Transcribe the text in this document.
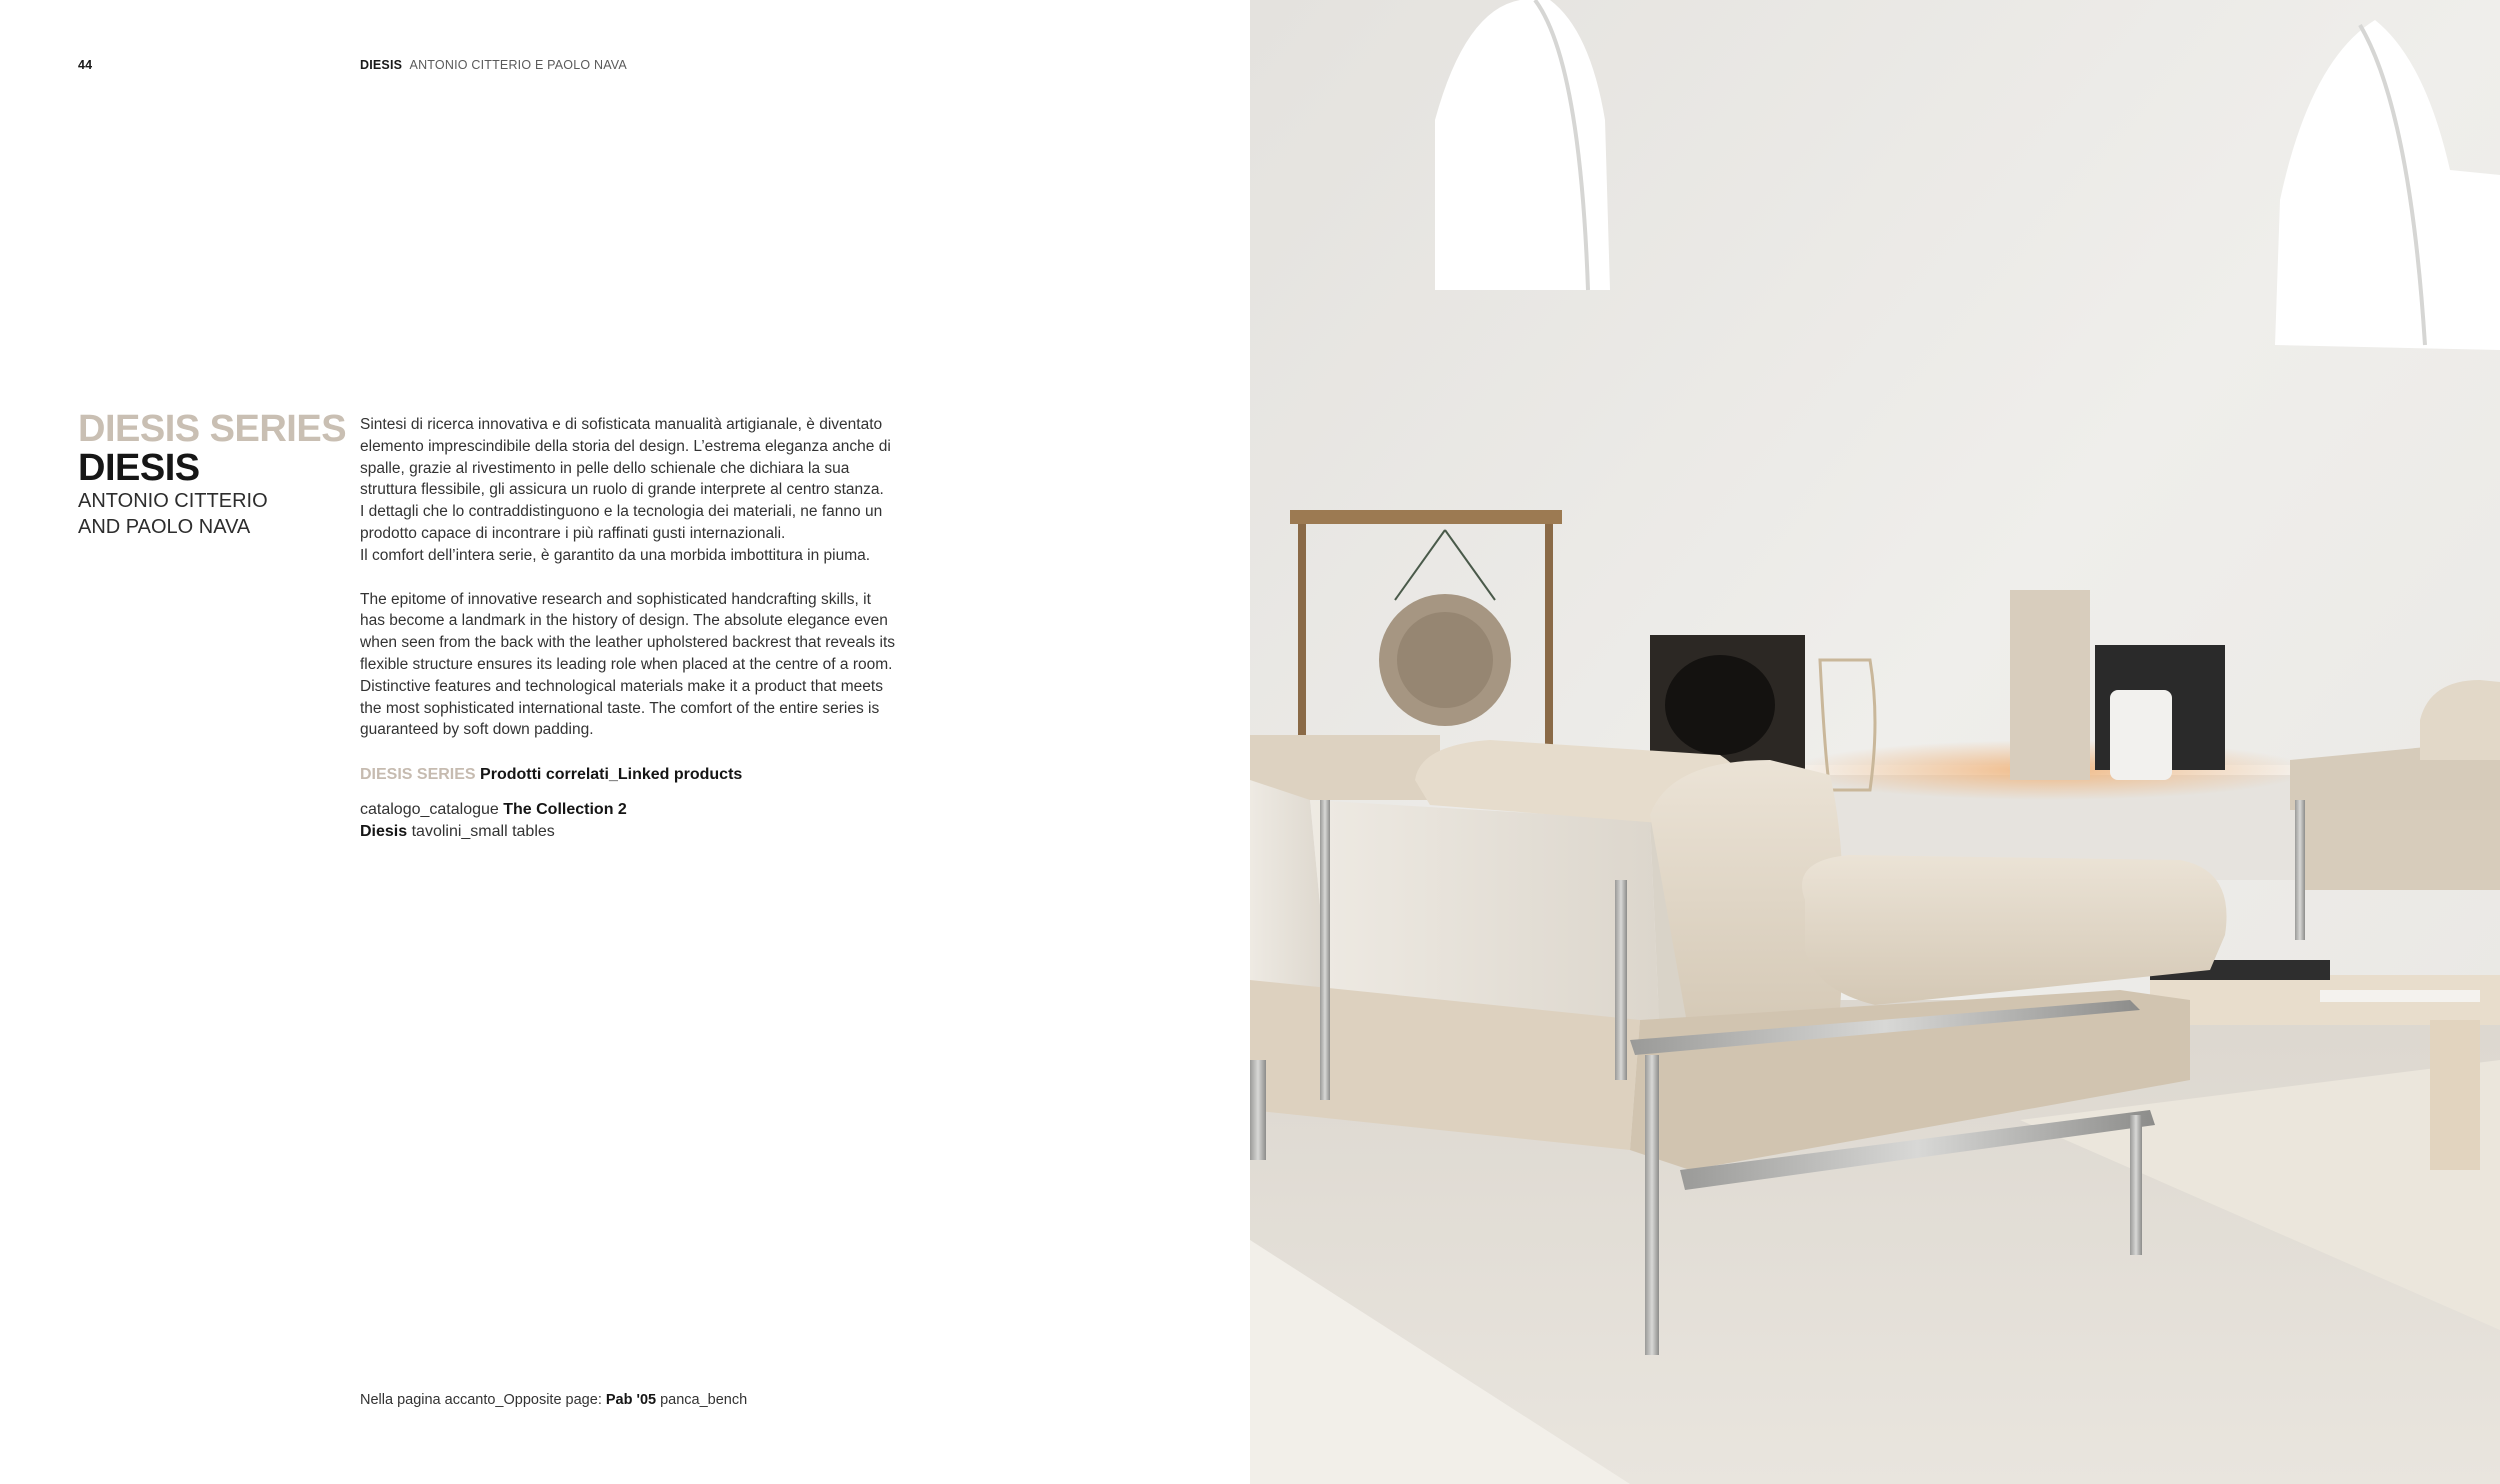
44	DIESIS ANTONIO CITTERIO E PAOLO NAVA

DIESIS SERIES
DIESIS
ANTONIO CITTERIO
AND PAOLO NAVA

Sintesi di ricerca innovativa e di sofisticata manualità artigianale, è diventato elemento imprescindibile della storia del design. L’estrema eleganza anche di spalle, grazie al rivestimento in pelle dello schienale che dichiara la sua struttura flessibile, gli assicura un ruolo di grande interprete al centro stanza.

I dettagli che lo contraddistinguono e la tecnologia dei materiali, ne fanno un prodotto capace di incontrare i più raffinati gusti internazionali.

Il comfort dell’intera serie, è garantito da una morbida imbottitura in piuma.

The epitome of innovative research and sophisticated handcrafting skills, it has become a landmark in the history of design. The absolute elegance even when seen from the back with the leather upholstered backrest that reveals its flexible structure ensures its leading role when placed at the centre of a room.

Distinctive features and technological materials make it a product that meets the most sophisticated international taste. The comfort of the entire series is guaranteed by soft down padding.

DIESIS SERIES Prodotti correlati_Linked products
catalogo_catalogue The Collection 2
Diesis tavolini_small tables
Nella pagina accanto_Opposite page: Pab '05 panca_bench
